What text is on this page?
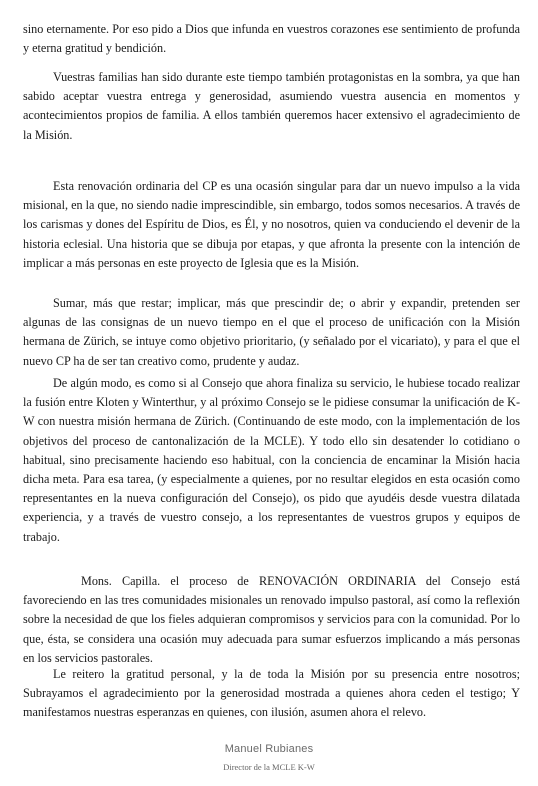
sino eternamente. Por eso pido a Dios que infunda en vuestros corazones ese sentimiento de profunda y eterna gratitud y bendición.

Vuestras familias han sido durante este tiempo también protagonistas en la sombra, ya que han sabido aceptar vuestra entrega y generosidad, asumiendo vuestra ausencia en momentos y acontecimientos propios de familia. A ellos también queremos hacer extensivo el agradecimiento de la Misión.

Esta renovación ordinaria del CP es una ocasión singular para dar un nuevo impulso a la vida misional, en la que, no siendo nadie imprescindible, sin embargo, todos somos necesarios. A través de los carismas y dones del Espíritu de Dios, es Él, y no nosotros, quien va conduciendo el devenir de la historia eclesial. Una historia que se dibuja por etapas, y que afronta la presente con la intención de implicar a más personas en este proyecto de Iglesia que es la Misión.

Sumar, más que restar; implicar, más que prescindir de; o abrir y expandir, pretenden ser algunas de las consignas de un nuevo tiempo en el que el proceso de unificación con la Misión hermana de Zürich, se intuye como objetivo prioritario, (y señalado por el vicariato), y para el que el nuevo CP ha de ser tan creativo como, prudente y audaz.

De algún modo, es como si al Consejo que ahora finaliza su servicio, le hubiese tocado realizar la fusión entre Kloten y Winterthur, y al próximo Consejo se le pidiese consumar la unificación de K-W con nuestra misión hermana de Zürich. (Continuando de este modo, con la implementación de los objetivos del proceso de cantonalización de la MCLE). Y todo ello sin desatender lo cotidiano o habitual, sino precisamente haciendo eso habitual, con la conciencia de encaminar la Misión hacia dicha meta. Para esa tarea, (y especialmente a quienes, por no resultar elegidos en esta ocasión como representantes en la nueva configuración del Consejo), os pido que ayudéis desde vuestra dilatada experiencia, y a través de vuestro consejo, a los representantes de vuestros grupos y equipos de trabajo.

Mons. Capilla. el proceso de RENOVACIÓN ORDINARIA del Consejo está favoreciendo en las tres comunidades misionales un renovado impulso pastoral, así como la reflexión sobre la necesidad de que los fieles adquieran compromisos y servicios para con la comunidad. Por lo que, ésta, se considera una ocasión muy adecuada para sumar esfuerzos implicando a más personas en los servicios pastorales.

Le reitero la gratitud personal, y la de toda la Misión por su presencia entre nosotros; Subrayamos el agradecimiento por la generosidad mostrada a quienes ahora ceden el testigo; Y manifestamos nuestras esperanzas en quienes, con ilusión, asumen ahora el relevo.

Manuel Rubianes
Director de la MCLE K-W
